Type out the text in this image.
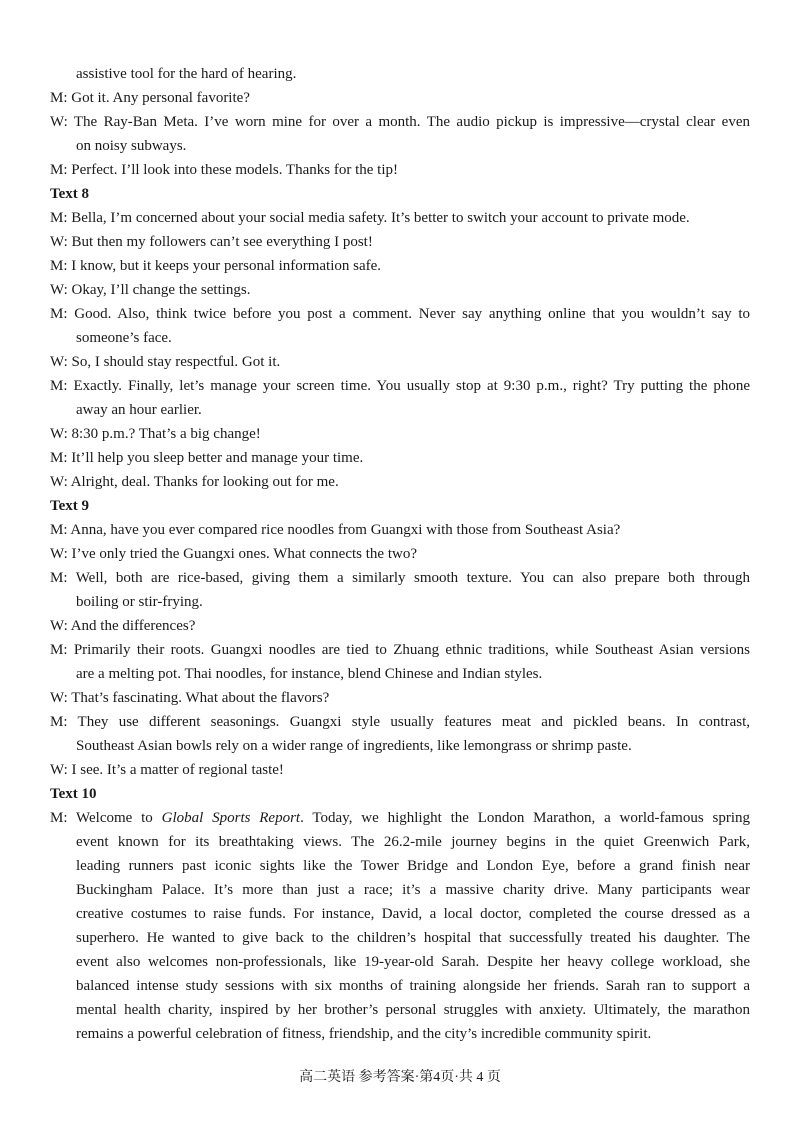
assistive tool for the hard of hearing.
M: Got it. Any personal favorite?
W: The Ray-Ban Meta. I’ve worn mine for over a month. The audio pickup is impressive—crystal clear even
on noisy subways.
M: Perfect. I’ll look into these models. Thanks for the tip!
Text 8
M: Bella, I’m concerned about your social media safety. It’s better to switch your account to private mode.
W: But then my followers can’t see everything I post!
M: I know, but it keeps your personal information safe.
W: Okay, I’ll change the settings.
M: Good. Also, think twice before you post a comment. Never say anything online that you wouldn’t say to
someone’s face.
W: So, I should stay respectful. Got it.
M: Exactly. Finally, let’s manage your screen time. You usually stop at 9:30 p.m., right? Try putting the phone
away an hour earlier.
W: 8:30 p.m.? That’s a big change!
M: It’ll help you sleep better and manage your time.
W: Alright, deal. Thanks for looking out for me.
Text 9
M: Anna, have you ever compared rice noodles from Guangxi with those from Southeast Asia?
W: I’ve only tried the Guangxi ones. What connects the two?
M: Well, both are rice-based, giving them a similarly smooth texture. You can also prepare both through
boiling or stir-frying.
W: And the differences?
M: Primarily their roots. Guangxi noodles are tied to Zhuang ethnic traditions, while Southeast Asian versions
are a melting pot. Thai noodles, for instance, blend Chinese and Indian styles.
W: That’s fascinating. What about the flavors?
M: They use different seasonings. Guangxi style usually features meat and pickled beans. In contrast,
Southeast Asian bowls rely on a wider range of ingredients, like lemongrass or shrimp paste.
W: I see. It’s a matter of regional taste!
Text 10
M: Welcome to Global Sports Report. Today, we highlight the London Marathon, a world-famous spring
event known for its breathtaking views. The 26.2-mile journey begins in the quiet Greenwich Park,
leading runners past iconic sights like the Tower Bridge and London Eye, before a grand finish near
Buckingham Palace. It’s more than just a race; it’s a massive charity drive. Many participants wear
creative costumes to raise funds. For instance, David, a local doctor, completed the course dressed as a
superhero. He wanted to give back to the children’s hospital that successfully treated his daughter. The
event also welcomes non-professionals, like 19-year-old Sarah. Despite her heavy college workload, she
balanced intense study sessions with six months of training alongside her friends. Sarah ran to support a
mental health charity, inspired by her brother’s personal struggles with anxiety. Ultimately, the marathon
remains a powerful celebration of fitness, friendship, and the city’s incredible community spirit.
高二英语 参考答案·第4页·共 4 页
